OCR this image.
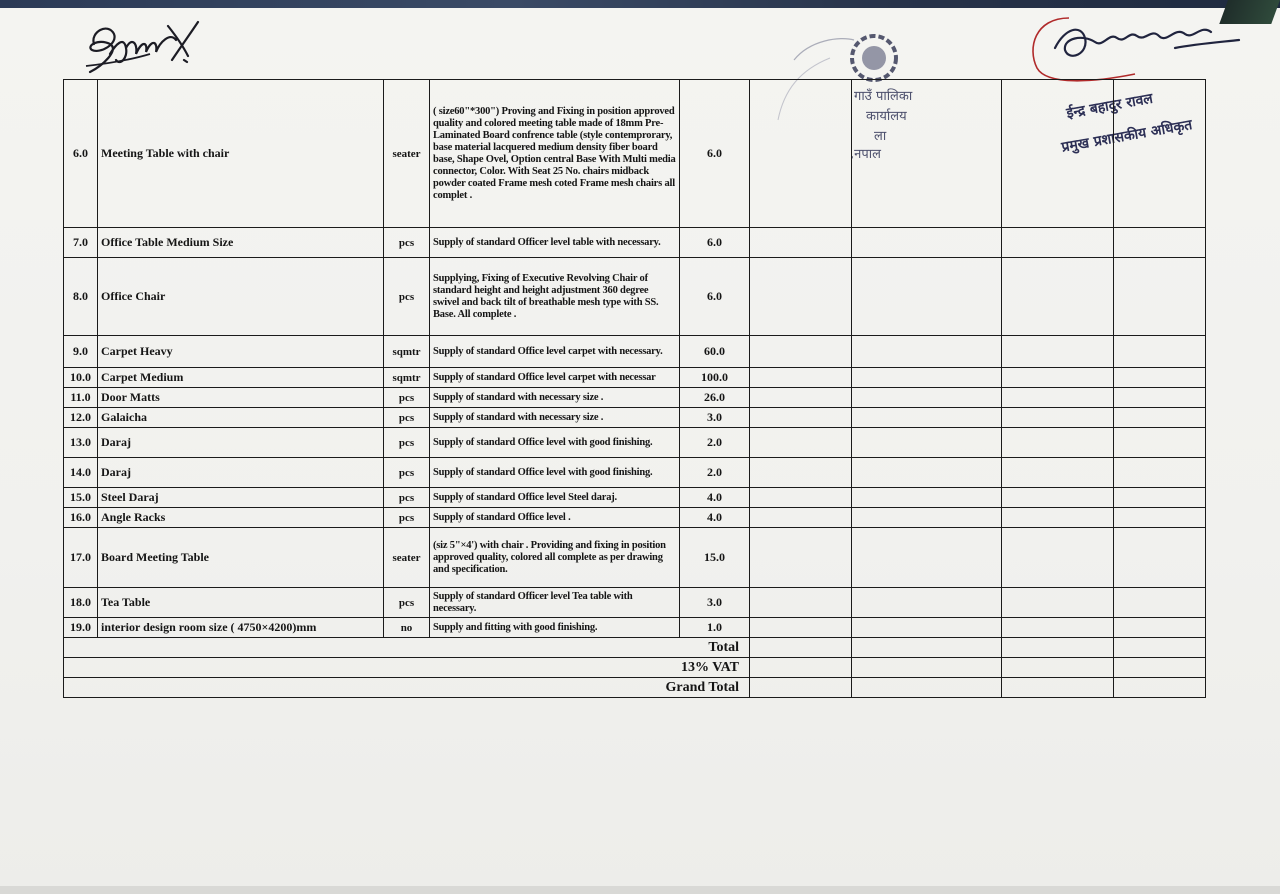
गाउँ पालिका
कार्यालय
ला
,नपाल
ईन्द्र बहादुर रावल
प्रमुख प्रशासकीय अधिकृत
6.0	Meeting Table with chair	seater	( size60"*300") Proving and Fixing in position approved quality and colored meeting table made of 18mm Pre-Laminated Board confrence table (style contemprorary, base material lacquered medium density fiber board base, Shape Ovel, Option central Base With Multi media connector, Color. With Seat 25 No. chairs midback powder coated Frame mesh coted Frame mesh chairs all complet .	6.0				
7.0	Office Table Medium Size	pcs	Supply of standard Officer level table with necessary.	6.0				
8.0	Office Chair	pcs	Supplying, Fixing of Executive Revolving Chair of standard height and height adjustment 360 degree swivel and back tilt of breathable mesh type with SS. Base. All complete .	6.0				
9.0	Carpet Heavy	sqmtr	Supply of standard Office level carpet with necessary.	60.0				
10.0	Carpet Medium	sqmtr	Supply of standard Office level carpet with necessar	100.0				
11.0	Door Matts	pcs	Supply of standard with necessary size .	26.0				
12.0	Galaicha	pcs	Supply of standard with necessary size .	3.0				
13.0	Daraj	pcs	Supply of standard Office level with good finishing.	2.0				
14.0	Daraj	pcs	Supply of standard Office level with good finishing.	2.0				
15.0	Steel Daraj	pcs	Supply of standard Office level Steel daraj.	4.0				
16.0	Angle Racks	pcs	Supply of standard Office level .	4.0				
17.0	Board Meeting Table	seater	(siz 5"×4') with chair . Providing and fixing in position approved quality, colored all complete as per drawing and specification.	15.0				
18.0	Tea Table	pcs	Supply of standard Officer level Tea table with necessary.	3.0				
19.0	interior design room size ( 4750×4200)mm	no	Supply and fitting with good finishing.	1.0				
Total								
13% VAT								
Grand Total								
